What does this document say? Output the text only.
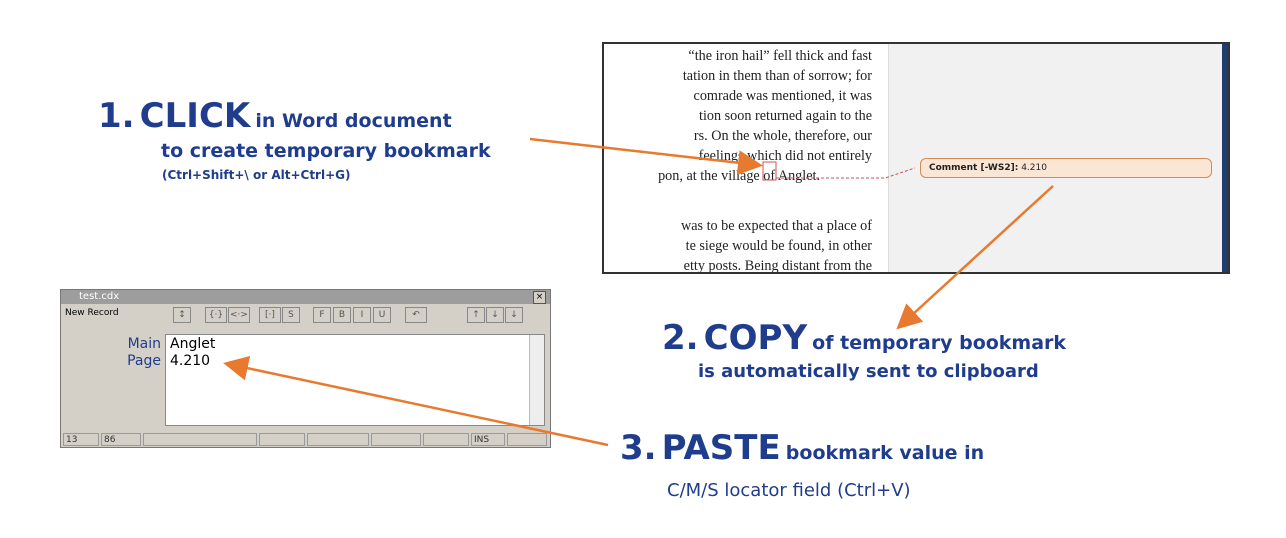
1. CLICK in Word document
to create temporary bookmark
(Ctrl+Shift+\ or Alt+Ctrl+G)
“the iron hail” fell thick and fast
tation in them than of sorrow; for
comrade was mentioned, it was
tion soon returned again to the
rs. On the whole, therefore, our
feelings which did not entirely
pon, at the village of Anglet.
was to be expected that a place of
te siege would be found, in other
etty posts. Being distant from the
Comment [-WS2]: 4.210
2. COPY of temporary bookmark
is automatically sent to clipboard
3. PASTE bookmark value in
C/M/S locator field (Ctrl+V)
test.cdx	×
New Record	↕	{·} <·>	[·]	S	F	B	I	U	↶	↑	↓	↓
Main
Page
Anglet
4.210
13	86	INS
